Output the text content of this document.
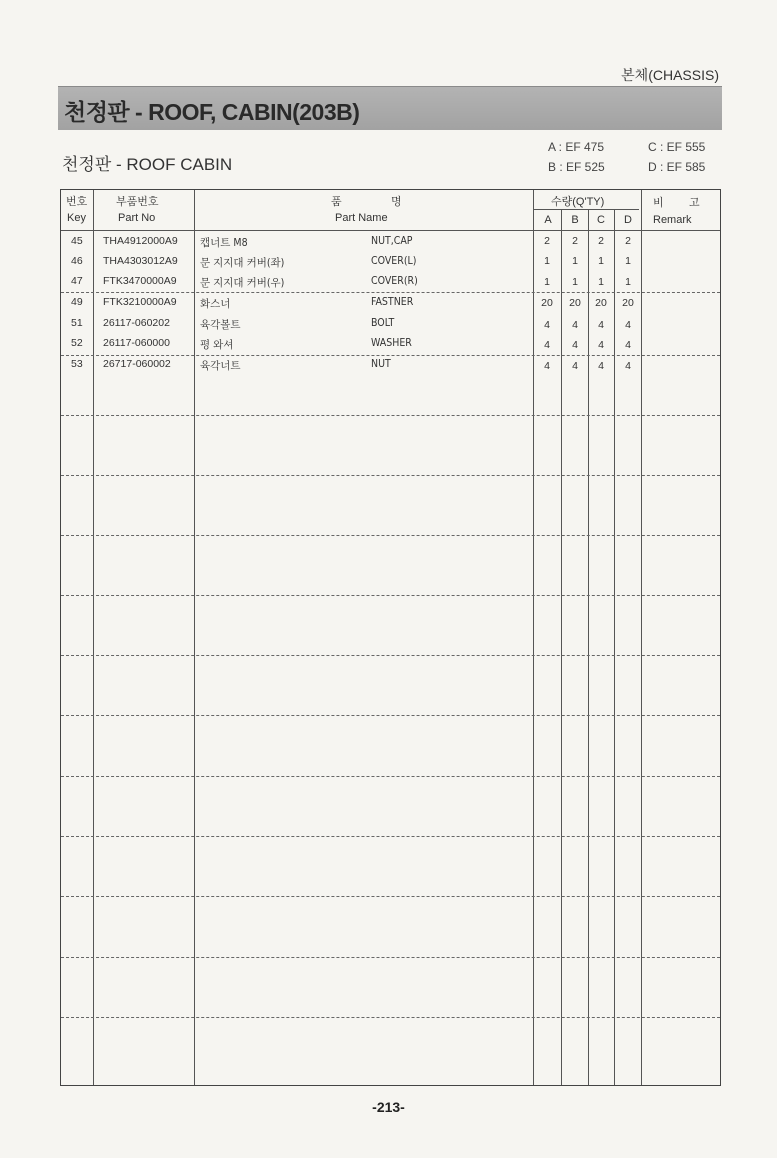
본체(CHASSIS)
천정판 - ROOF, CABIN(203B)
천정판 - ROOF CABIN
A : EF 475
B : EF 525
C : EF 555
D : EF 585
번호
Key
부품번호
Part No
품	명
Part Name
수량(Q'TY)
A	B	C	D
비 고
Remark
45 THA4912000A9 캡너트 M8	NUT,CAP	2	2	2	2
46 THA4303012A9 문 지지대 커버(좌)	COVER(L)	1	1	1	1
47 FTK3470000A9 문 지지대 커버(우)	COVER(R)	1	1	1	1
49 FTK3210000A9 화스너	FASTNER	20	20	20	20
51 26117-060202	육각볼트	BOLT	4	4	4	4
52 26117-060000	평 와셔	WASHER	4	4	4	4
53 26717-060002	육각너트	NUT	4	4	4	4
-213-
